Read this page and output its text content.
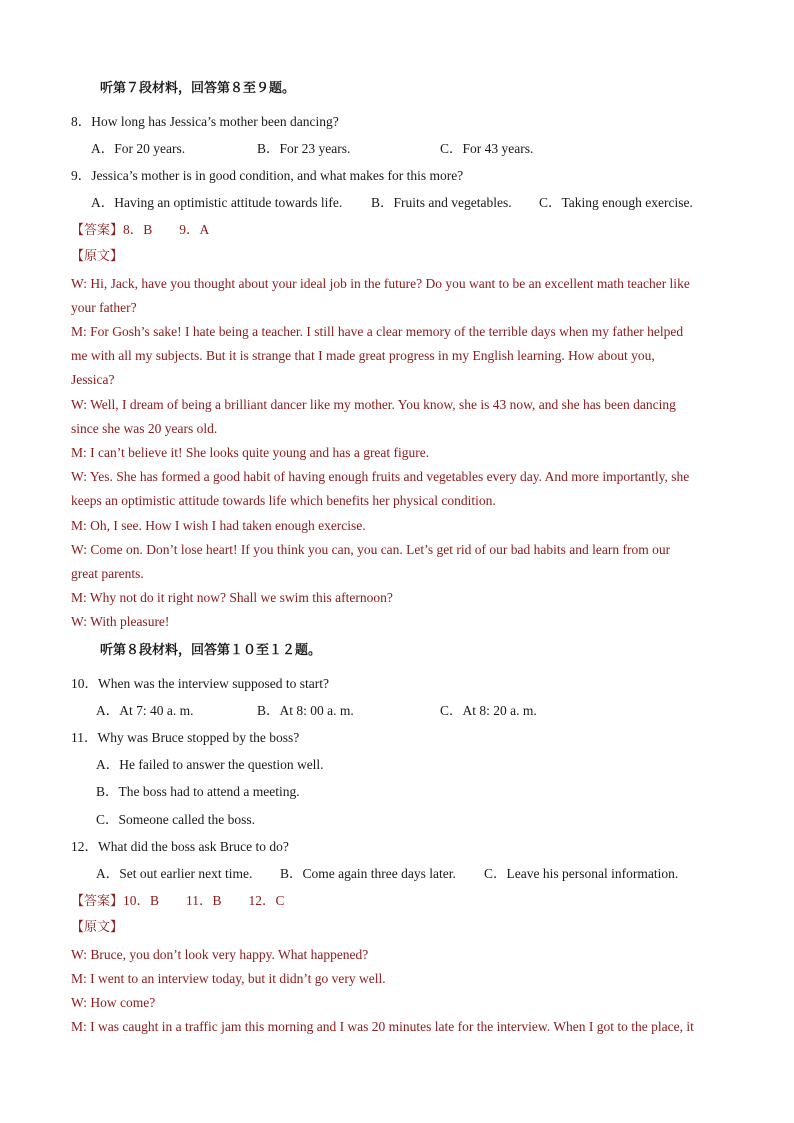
听第７段材料，回答第８至９题。
8．How long has Jessica’s mother been dancing?
A．For 20 years.	B．For 23 years.	C．For 43 years.
9．Jessica’s mother is in good condition, and what makes for this more?
A．Having an optimistic attitude towards life. B．Fruits and vegetables. C．Taking enough exercise.
【答案】8．B　　9．A
【原文】
W: Hi, Jack, have you thought about your ideal job in the future? Do you want to be an excellent math teacher like
your father?
M: For Gosh’s sake! I hate being a teacher. I still have a clear memory of the terrible days when my father helped
me with all my subjects. But it is strange that I made great progress in my English learning. How about you,
Jessica?
W: Well, I dream of being a brilliant dancer like my mother. You know, she is 43 now, and she has been dancing
since she was 20 years old.
M: I can’t believe it! She looks quite young and has a great figure.
W: Yes. She has formed a good habit of having enough fruits and vegetables every day. And more importantly, she
keeps an optimistic attitude towards life which benefits her physical condition.
M: Oh, I see. How I wish I had taken enough exercise.
W: Come on. Don’t lose heart! If you think you can, you can. Let’s get rid of our bad habits and learn from our
great parents.
M: Why not do it right now? Shall we swim this afternoon?
W: With pleasure!
听第８段材料，回答第１０至１２题。
10．When was the interview supposed to start?
A．At 7: 40 a. m.	B．At 8: 00 a. m.	C．At 8: 20 a. m.
11．Why was Bruce stopped by the boss?
A．He failed to answer the question well.
B．The boss had to attend a meeting.
C．Someone called the boss.
12．What did the boss ask Bruce to do?
A．Set out earlier next time. B．Come again three days later. C．Leave his personal information.
【答案】10．B　　11．B　　12．C
【原文】
W: Bruce, you don’t look very happy. What happened?
M: I went to an interview today, but it didn’t go very well.
W: How come?
M: I was caught in a traffic jam this morning and I was 20 minutes late for the interview. When I got to the place, it
